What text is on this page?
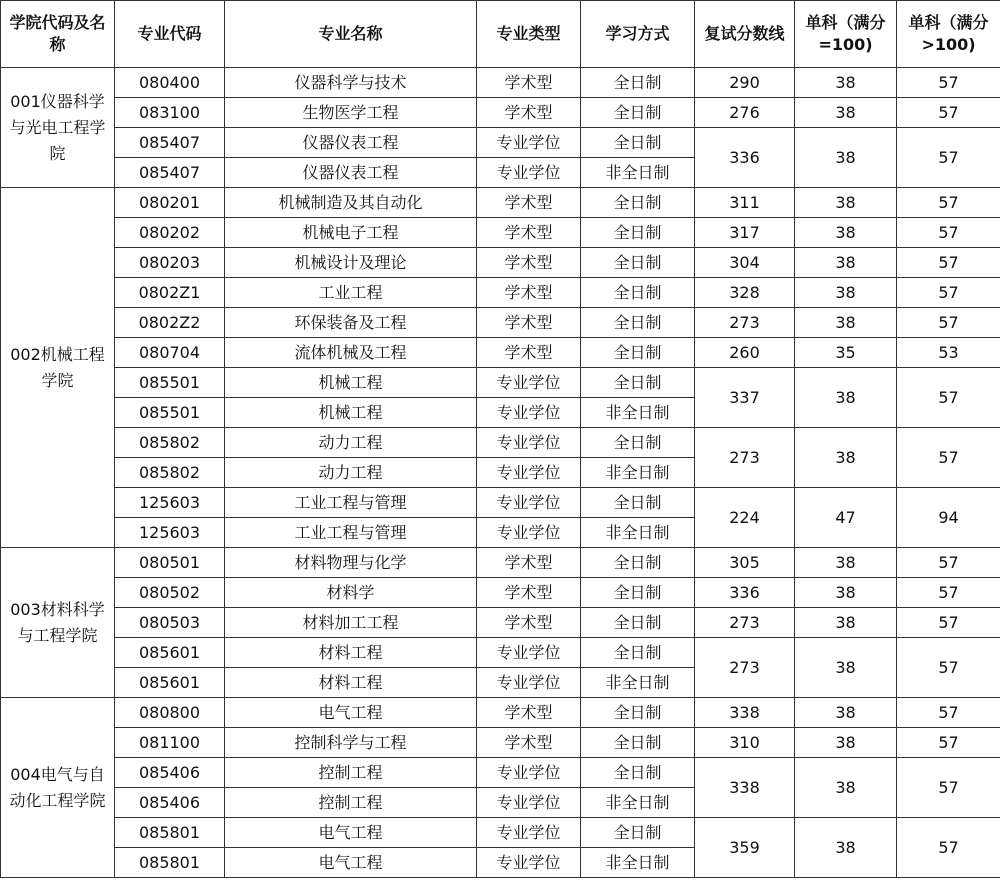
学院代码及名称	专业代码	专业名称	专业类型	学习方式	复试分数线	单科（满分=100)	单科（满分>100)
001仪器科学与光电工程学院	080400	仪器科学与技术	学术型	全日制	290	38	57
	083100	生物医学工程	学术型	全日制	276	38	57
	085407	仪器仪表工程	专业学位	全日制	336	38	57
	085407	仪器仪表工程	专业学位	非全日制			
002机械工程学院	080201	机械制造及其自动化	学术型	全日制	311	38	57
	080202	机械电子工程	学术型	全日制	317	38	57
	080203	机械设计及理论	学术型	全日制	304	38	57
	0802Z1	工业工程	学术型	全日制	328	38	57
	0802Z2	环保装备及工程	学术型	全日制	273	38	57
	080704	流体机械及工程	学术型	全日制	260	35	53
	085501	机械工程	专业学位	全日制	337	38	57
	085501	机械工程	专业学位	非全日制			
	085802	动力工程	专业学位	全日制	273	38	57
	085802	动力工程	专业学位	非全日制			
	125603	工业工程与管理	专业学位	全日制	224	47	94
	125603	工业工程与管理	专业学位	非全日制			
003材料科学与工程学院	080501	材料物理与化学	学术型	全日制	305	38	57
	080502	材料学	学术型	全日制	336	38	57
	080503	材料加工工程	学术型	全日制	273	38	57
	085601	材料工程	专业学位	全日制	273	38	57
	085601	材料工程	专业学位	非全日制			
004电气与自动化工程学院	080800	电气工程	学术型	全日制	338	38	57
	081100	控制科学与工程	学术型	全日制	310	38	57
	085406	控制工程	专业学位	全日制	338	38	57
	085406	控制工程	专业学位	非全日制			
	085801	电气工程	专业学位	全日制	359	38	57
	085801	电气工程	专业学位	非全日制			
